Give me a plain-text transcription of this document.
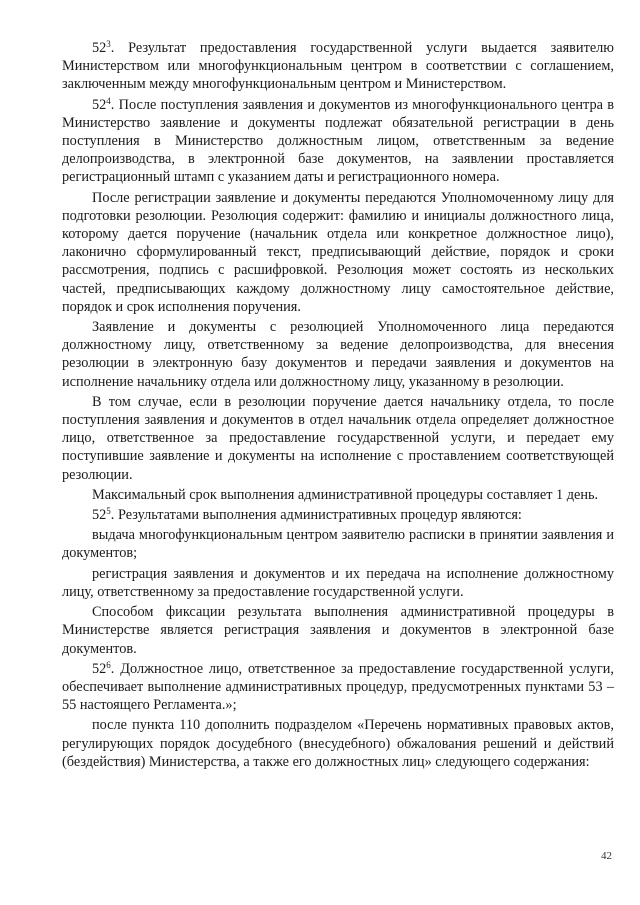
$52^3$. Результат предоставления государственной услуги выдается заявителю Министерством или многофункциональным центром в соответствии с соглашением, заключенным между многофункциональным центром и Министерством.

$52^4$. После поступления заявления и документов из многофункционального центра в Министерство заявление и документы подлежат обязательной регистрации в день поступления в Министерство должностным лицом, ответственным за ведение делопроизводства, в электронной базе документов, на заявлении проставляется регистрационный штамп с указанием даты и регистрационного номера.

После регистрации заявление и документы передаются Уполномоченному лицу для подготовки резолюции. Резолюция содержит: фамилию и инициалы должностного лица, которому дается поручение (начальник отдела или конкретное должностное лицо), лаконично сформулированный текст, предписывающий действие, порядок и сроки рассмотрения, подпись с расшифровкой. Резолюция может состоять из нескольких частей, предписывающих каждому должностному лицу самостоятельное действие, порядок и срок исполнения поручения.

Заявление и документы с резолюцией Уполномоченного лица передаются должностному лицу, ответственному за ведение делопроизводства, для внесения резолюции в электронную базу документов и передачи заявления и документов на исполнение начальнику отдела или должностному лицу, указанному в резолюции.

В том случае, если в резолюции поручение дается начальнику отдела, то после поступления заявления и документов в отдел начальник отдела определяет должностное лицо, ответственное за предоставление государственной услуги, и передает ему поступившие заявление и документы на исполнение с проставлением соответствующей резолюции.

Максимальный срок выполнения административной процедуры составляет 1 день.

$52^5$. Результатами выполнения административных процедур являются:

выдача многофункциональным центром заявителю расписки в принятии заявления и документов;

регистрация заявления и документов и их передача на исполнение должностному лицу, ответственному за предоставление государственной услуги.

Способом фиксации результата выполнения административной процедуры в Министерстве является регистрация заявления и документов в электронной базе документов.

$52^6$. Должностное лицо, ответственное за предоставление государственной услуги, обеспечивает выполнение административных процедур, предусмотренных пунктами 53 – 55 настоящего Регламента.»;

после пункта 110 дополнить подразделом «Перечень нормативных правовых актов, регулирующих порядок досудебного (внесудебного) обжалования решений и действий (бездействия) Министерства, а также его должностных лиц» следующего содержания:

42
